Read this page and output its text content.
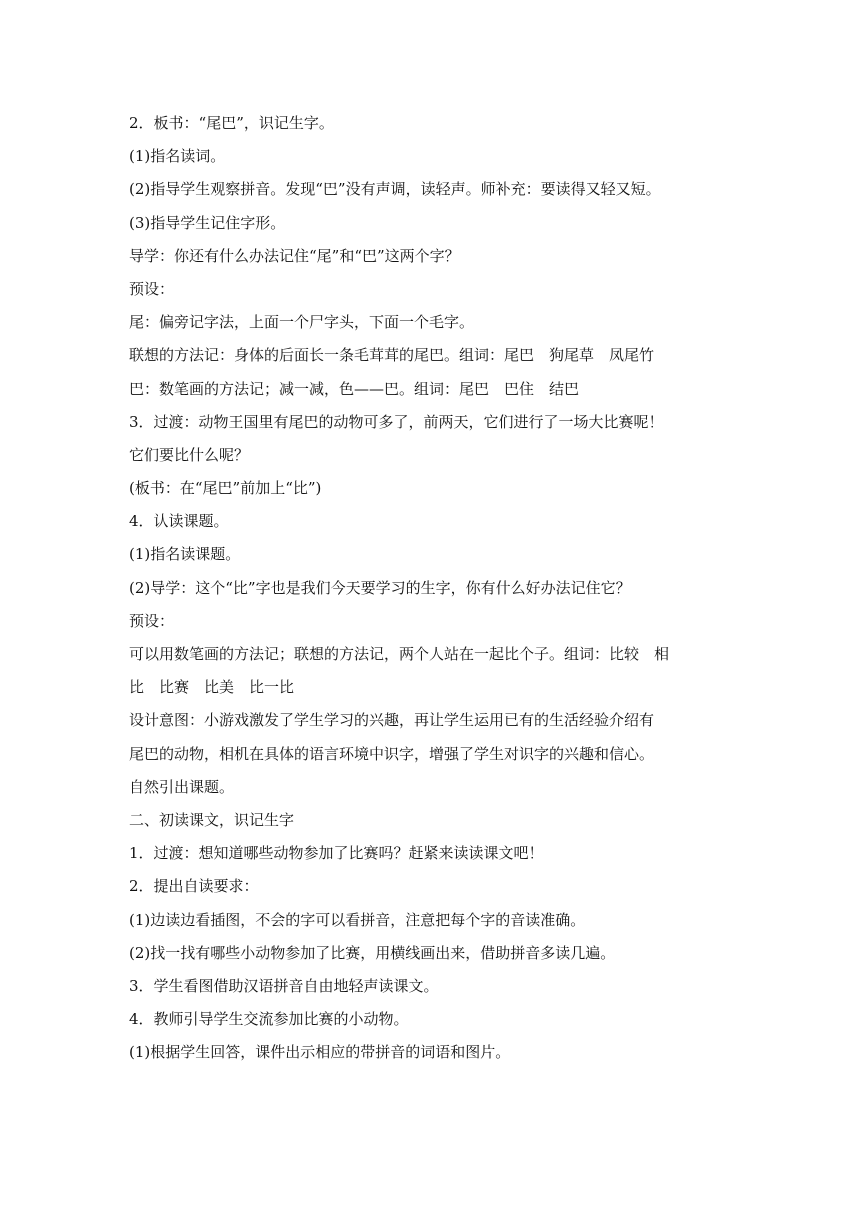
2．板书：“尾巴”，识记生字。
(1)指名读词。
(2)指导学生观察拼音。发现“巴”没有声调，读轻声。师补充：要读得又轻又短。
(3)指导学生记住字形。
导学：你还有什么办法记住“尾”和“巴”这两个字？
预设：
尾：偏旁记字法，上面一个尸字头，下面一个毛字。
联想的方法记：身体的后面长一条毛茸茸的尾巴。组词：尾巴　狗尾草　凤尾竹
巴：数笔画的方法记；减一减，色——巴。组词：尾巴　巴住　结巴
3．过渡：动物王国里有尾巴的动物可多了，前两天，它们进行了一场大比赛呢！
它们要比什么呢？
(板书：在“尾巴”前加上“比”)
4．认读课题。
(1)指名读课题。
(2)导学：这个“比”字也是我们今天要学习的生字，你有什么好办法记住它？
预设：
可以用数笔画的方法记；联想的方法记，两个人站在一起比个子。组词：比较　相
比　比赛　比美　比一比
设计意图：小游戏激发了学生学习的兴趣，再让学生运用已有的生活经验介绍有
尾巴的动物，相机在具体的语言环境中识字，增强了学生对识字的兴趣和信心。
自然引出课题。
二、初读课文，识记生字
1．过渡：想知道哪些动物参加了比赛吗？赶紧来读读课文吧！
2．提出自读要求：
(1)边读边看插图，不会的字可以看拼音，注意把每个字的音读准确。
(2)找一找有哪些小动物参加了比赛，用横线画出来，借助拼音多读几遍。
3．学生看图借助汉语拼音自由地轻声读课文。
4．教师引导学生交流参加比赛的小动物。
(1)根据学生回答，课件出示相应的带拼音的词语和图片。
